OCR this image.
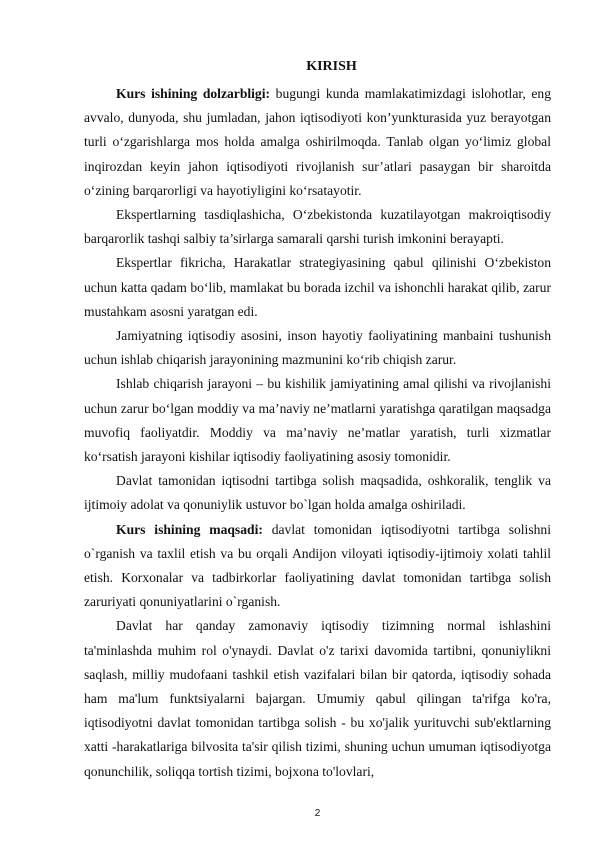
KIRISH

Kurs ishining dolzarbligi: bugungi kunda mamlakatimizdagi islohotlar, eng avvalo, dunyoda, shu jumladan, jahon iqtisodiyoti kon’yunkturasida yuz berayotgan turli o‘zgarishlarga mos holda amalga oshirilmoqda. Tanlab olgan yo‘limiz global inqirozdan keyin jahon iqtisodiyoti rivojlanish sur’atlari pasaygan bir sharoitda o‘zining barqarorligi va hayotiyligini ko‘rsatayotir.

Ekspertlarning tasdiqlashicha, O‘zbekistonda kuzatilayotgan makroiqtisodiy barqarorlik tashqi salbiy ta’sirlarga samarali qarshi turish imkonini berayapti.

Ekspertlar fikricha, Harakatlar strategiyasining qabul qilinishi O‘zbekiston uchun katta qadam bo‘lib, mamlakat bu borada izchil va ishonchli harakat qilib, zarur mustahkam asosni yaratgan edi.

Jamiyatning iqtisodiy asosini, inson hayotiy faoliyatining manbaini tushunish uchun ishlab chiqarish jarayonining mazmunini ko‘rib chiqish zarur.

Ishlab chiqarish jarayoni – bu kishilik jamiyatining amal qilishi va rivojlanishi uchun zarur bo‘lgan moddiy va ma’naviy ne’matlarni yaratishga qaratilgan maqsadga muvofiq faoliyatdir. Moddiy va ma’naviy ne’matlar yaratish, turli xizmatlar ko‘rsatish jarayoni kishilar iqtisodiy faoliyatining asosiy tomonidir.

Davlat tamonidan iqtisodni tartibga solish maqsadida, oshkoralik, tenglik va ijtimoiy adolat va qonuniylik ustuvor bo`lgan holda amalga oshiriladi.

Kurs ishining maqsadi: davlat tomonidan iqtisodiyotni tartibga solishni o`rganish va taxlil etish va bu orqali Andijon viloyati iqtisodiy-ijtimoiy xolati tahlil etish. Korxonalar va tadbirkorlar faoliyatining davlat tomonidan tartibga solish zaruriyati qonuniyatlarini o`rganish.

Davlat har qanday zamonaviy iqtisodiy tizimning normal ishlashini ta'minlashda muhim rol o'ynaydi. Davlat o'z tarixi davomida tartibni, qonuniylikni saqlash, milliy mudofaani tashkil etish vazifalari bilan bir qatorda, iqtisodiy sohada ham ma'lum funktsiyalarni bajargan. Umumiy qabul qilingan ta'rifga ko'ra, iqtisodiyotni davlat tomonidan tartibga solish - bu xo'jalik yurituvchi sub'ektlarning xatti -harakatlariga bilvosita ta'sir qilish tizimi, shuning uchun umuman iqtisodiyotga qonunchilik, soliqqa tortish tizimi, bojxona to'lovlari,

2
